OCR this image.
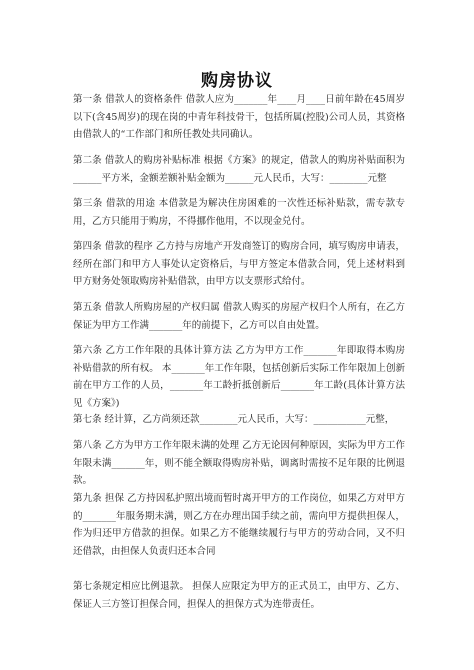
购房协议

第一条 借款人的资格条件 借款人应为_______年____月____日前年龄在45周岁以下(含45周岁)的现在岗的中青年科技骨干，包括所属(控股)公司人员，其资格由借款人的“工作部门和所任教处共同确认。

第二条 借款人的购房补贴标准 根据《方案》的规定，借款人的购房补贴面积为______平方米，金额差额补贴金额为______元人民币，大写：________元整

第三条 借款的用途 本借款是为解决住房困难的一次性还标补贴款，需专款专用，乙方只能用于购房，不得挪作他用，不以现金兑付。

第四条 借款的程序 乙方持与房地产开发商签订的购房合同，填写购房申请表，经所在部门和甲方人事处认定资格后，与甲方签定本借款合同，凭上述材料到甲方财务处领取购房补贴借款，由甲方以支票形式给付。

第五条 借款人所购房屋的产权归属 借款人购买的房屋产权归个人所有，在乙方保证为甲方工作满_______年的前提下，乙方可以自由处置。

第六条 乙方工作年限的具体计算方法 乙方为甲方工作_______年即取得本购房补贴借款的所有权。 本_______年工作年限，包括创新后实际工作年限加上创新前在甲方工作的人员，_______年工龄折抵创新后_______年工龄(具体计算方法见《方案》)

第七条 经计算，乙方尚须还款________元人民币，大写：___________元整，

第八条 乙方为甲方工作年限未满的处理 乙方无论因何种原因，实际为甲方工作年限未满_______年，则不能全额取得购房补贴，调离时需按不足年限的比例退款。

第九条 担保 乙方持因私护照出境而暂时离开甲方的工作岗位，如果乙方对甲方的_______年服务期未满，则乙方在办理出国手续之前，需向甲方提供担保人，作为归还甲方借款的担保。如果乙方不能继续履行与甲方的劳动合同，又不归还借款，由担保人负责归还本合同

第七条规定相应比例退款。 担保人应限定为甲方的正式员工，由甲方、乙方、保证人三方签订担保合同，担保人的担保方式为连带责任。
